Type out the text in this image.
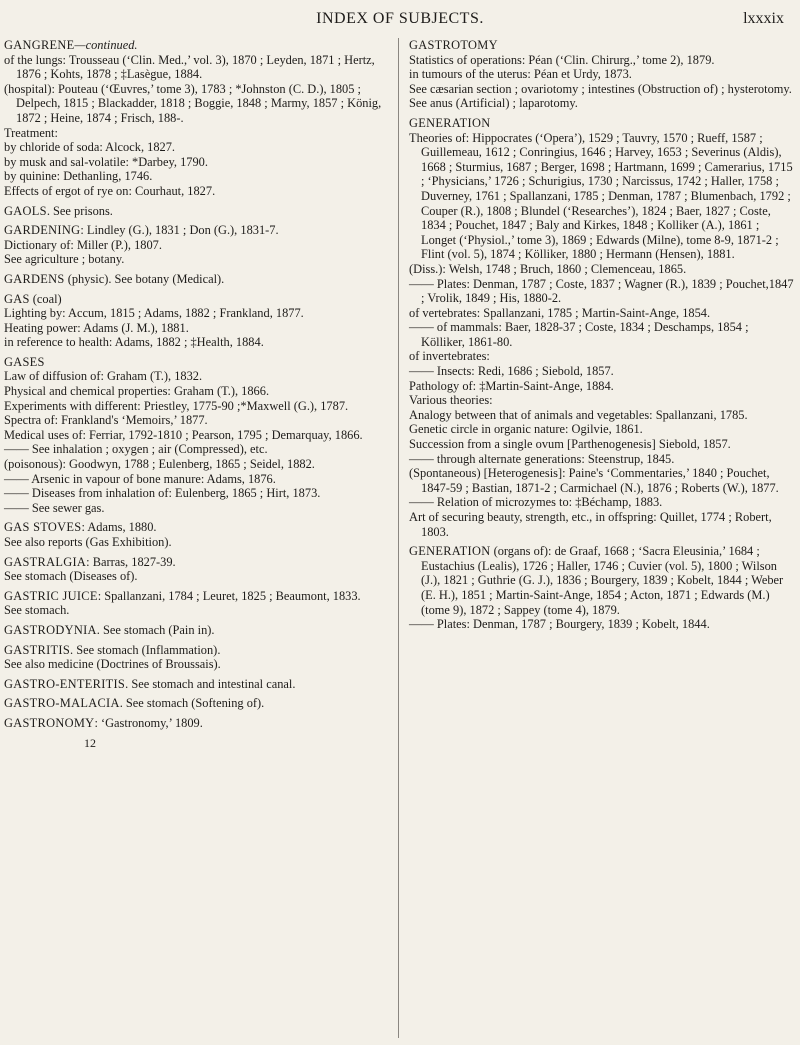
INDEX OF SUBJECTS.	lxxxix
GANGRENE—continued.
of the lungs: Trousseau (‘Clin. Med.,’ vol. 3), 1870 ; Leyden, 1871 ; Hertz, 1876 ; Kohts, 1878 ; ‡Lasègue, 1884.
(hospital): Pouteau (‘Œuvres,’ tome 3), 1783 ; *Johnston (C. D.), 1805 ; Delpech, 1815 ; Blackadder, 1818 ; Boggie, 1848 ; Marmy, 1857 ; König, 1872 ; Heine, 1874 ; Frisch, 188-.
Treatment:
by chloride of soda: Alcock, 1827.
by musk and sal-volatile: *Darbey, 1790.
by quinine: Dethanling, 1746.
Effects of ergot of rye on: Courhaut, 1827.
GAOLS. See prisons.
GARDENING: Lindley (G.), 1831 ; Don (G.), 1831-7.
Dictionary of: Miller (P.), 1807.
See agriculture ; botany.
GARDENS (physic). See botany (Medical).
GAS (coal)
Lighting by: Accum, 1815 ; Adams, 1882 ; Frankland, 1877.
Heating power: Adams (J. M.), 1881.
in reference to health: Adams, 1882 ; ‡Health, 1884.
GASES
Law of diffusion of: Graham (T.), 1832.
Physical and chemical properties: Graham (T.), 1866.
Experiments with different: Priestley, 1775-90 ;*Maxwell (G.), 1787.
Spectra of: Frankland's ‘Memoirs,’ 1877.
Medical uses of: Ferriar, 1792-1810 ; Pearson, 1795 ; Demarquay, 1866.
—— See inhalation ; oxygen ; air (Compressed), etc.
(poisonous): Goodwyn, 1788 ; Eulenberg, 1865 ; Seidel, 1882.
—— Arsenic in vapour of bone manure: Adams, 1876.
—— Diseases from inhalation of: Eulenberg, 1865 ; Hirt, 1873.
—— See sewer gas.
GAS STOVES: Adams, 1880.
See also reports (Gas Exhibition).
GASTRALGIA: Barras, 1827-39.
See stomach (Diseases of).
GASTRIC JUICE: Spallanzani, 1784 ; Leuret, 1825 ; Beaumont, 1833.
See stomach.
GASTRODYNIA. See stomach (Pain in).
GASTRITIS. See stomach (Inflammation).
See also medicine (Doctrines of Broussais).
GASTRO-ENTERITIS. See stomach and intestinal canal.
GASTRO-MALACIA. See stomach (Softening of).
GASTRONOMY: ‘Gastronomy,’ 1809.
12
GASTROTOMY
Statistics of operations: Péan (‘Clin. Chirurg.,’ tome 2), 1879.
in tumours of the uterus: Péan et Urdy, 1873.
See cæsarian section ; ovariotomy ; intestines (Obstruction of) ; hysterotomy.
See anus (Artificial) ; laparotomy.
GENERATION
Theories of: Hippocrates (‘Opera’), 1529 ; Tauvry, 1570 ; Rueff, 1587 ; Guillemeau, 1612 ; Conringius, 1646 ; Harvey, 1653 ; Severinus (Aldis), 1668 ; Sturmius, 1687 ; Berger, 1698 ; Hartmann, 1699 ; Camerarius, 1715 ; ‘Physicians,’ 1726 ; Schurigius, 1730 ; Narcissus, 1742 ; Haller, 1758 ; Duverney, 1761 ; Spallanzani, 1785 ; Denman, 1787 ; Blumenbach, 1792 ; Couper (R.), 1808 ; Blundel (‘Researches’), 1824 ; Baer, 1827 ; Coste, 1834 ; Pouchet, 1847 ; Baly and Kirkes, 1848 ; Kolliker (A.), 1861 ; Longet (‘Physiol.,’ tome 3), 1869 ; Edwards (Milne), tome 8-9, 1871-2 ; Flint (vol. 5), 1874 ; Kölliker, 1880 ; Hermann (Hensen), 1881.
(Diss.): Welsh, 1748 ; Bruch, 1860 ; Clemenceau, 1865.
—— Plates: Denman, 1787 ; Coste, 1837 ; Wagner (R.), 1839 ; Pouchet,1847 ; Vrolik, 1849 ; His, 1880-2.
of vertebrates: Spallanzani, 1785 ; Martin-Saint-Ange, 1854.
—— of mammals: Baer, 1828-37 ; Coste, 1834 ; Deschamps, 1854 ; Kölliker, 1861-80.
of invertebrates:
—— Insects: Redi, 1686 ; Siebold, 1857.
Pathology of: ‡Martin-Saint-Ange, 1884.
Various theories:
Analogy between that of animals and vegetables: Spallanzani, 1785.
Genetic circle in organic nature: Ogilvie, 1861.
Succession from a single ovum [Parthenogenesis] Siebold, 1857.
—— through alternate generations: Steenstrup, 1845.
(Spontaneous) [Heterogenesis]: Paine's ‘Commentaries,’ 1840 ; Pouchet, 1847-59 ; Bastian, 1871-2 ; Carmichael (N.), 1876 ; Roberts (W.), 1877.
—— Relation of microzymes to: ‡Béchamp, 1883.
Art of securing beauty, strength, etc., in offspring: Quillet, 1774 ; Robert, 1803.
GENERATION (organs of): de Graaf, 1668 ; ‘Sacra Eleusinia,’ 1684 ; Eustachius (Lealis), 1726 ; Haller, 1746 ; Cuvier (vol. 5), 1800 ; Wilson (J.), 1821 ; Guthrie (G. J.), 1836 ; Bourgery, 1839 ; Kobelt, 1844 ; Weber (E. H.), 1851 ; Martin-Saint-Ange, 1854 ; Acton, 1871 ; Edwards (M.) (tome 9), 1872 ; Sappey (tome 4), 1879.
—— Plates: Denman, 1787 ; Bourgery, 1839 ; Kobelt, 1844.
